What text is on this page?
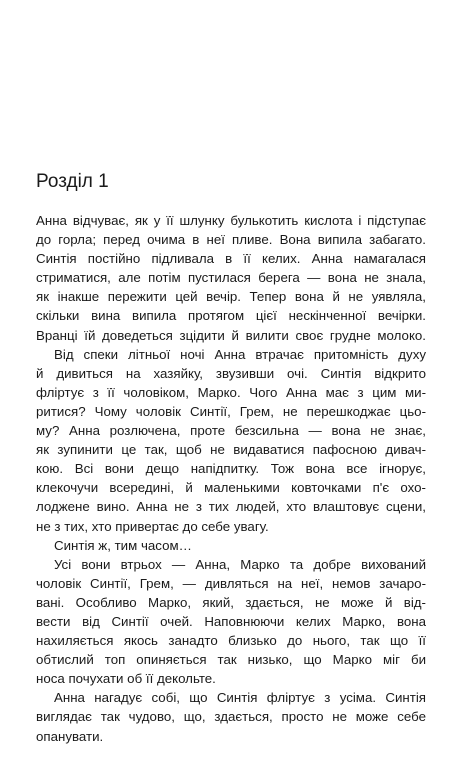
Розділ 1

Анна відчуває, як у її шлунку булькотить кислота і підступає
до горла; перед очима в неї пливе. Вона випила забагато.
Синтія постійно підливала в її келих. Анна намагалася
стриматися, але потім пустилася берега — вона не знала,
як інакше пережити цей вечір. Тепер вона й не уявляла,
скільки вина випила протягом цієї нескінченної вечірки.
Вранці їй доведеться зцідити й вилити своє грудне молоко.

Від спеки літньої ночі Анна втрачає притомність духу
й дивиться на хазяйку, звузивши очі. Синтія відкрито
фліртує з її чоловіком, Марко. Чого Анна має з цим ми-
ритися? Чому чоловік Синтії, Грем, не перешкоджає цьо-
му? Анна розлючена, проте безсильна — вона не знає,
як зупинити це так, щоб не видаватися пафосною дивач-
кою. Всі вони дещо напідпитку. Тож вона все ігнорує,
клекочучи всередині, й маленькими ковточками п'є охо-
лоджене вино. Анна не з тих людей, хто влаштовує сцени,
не з тих, хто привертає до себе увагу.

Синтія ж, тим часом…

Усі вони втрьох — Анна, Марко та добре вихований
чоловік Синтії, Грем, — дивляться на неї, немов зачаро-
вані. Особливо Марко, який, здається, не може й від-
вести від Синтії очей. Наповнюючи келих Марко, вона
нахиляється якось занадто близько до нього, так що її
обтислий топ опиняється так низько, що Марко міг би
носа почухати об її декольте.

Анна нагадує собі, що Синтія фліртує з усіма. Синтія
виглядає так чудово, що, здається, просто не може себе
опанувати.
